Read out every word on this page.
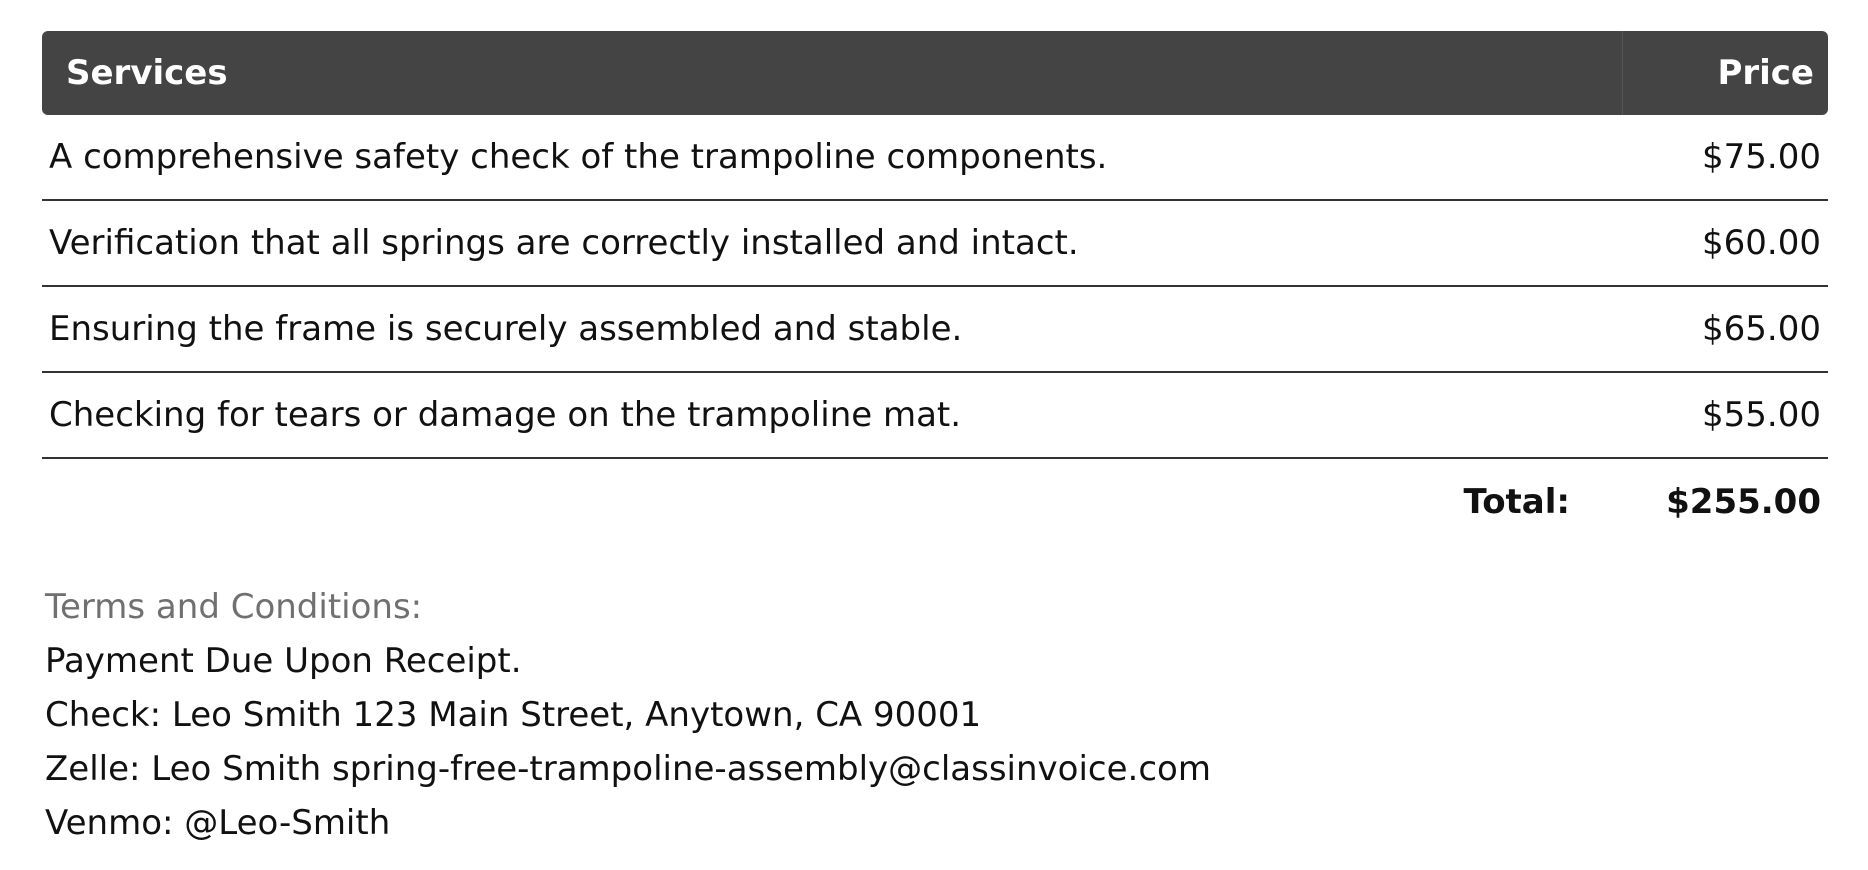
Services	Price
A comprehensive safety check of the trampoline components.	$75.00
Verification that all springs are correctly installed and intact.	$60.00
Ensuring the frame is securely assembled and stable.	$65.00
Checking for tears or damage on the trampoline mat.	$55.00
Total:	$255.00
Terms and Conditions:
Payment Due Upon Receipt.
Check: Leo Smith 123 Main Street, Anytown, CA 90001
Zelle: Leo Smith spring-free-trampoline-assembly@classinvoice.com
Venmo: @Leo-Smith
